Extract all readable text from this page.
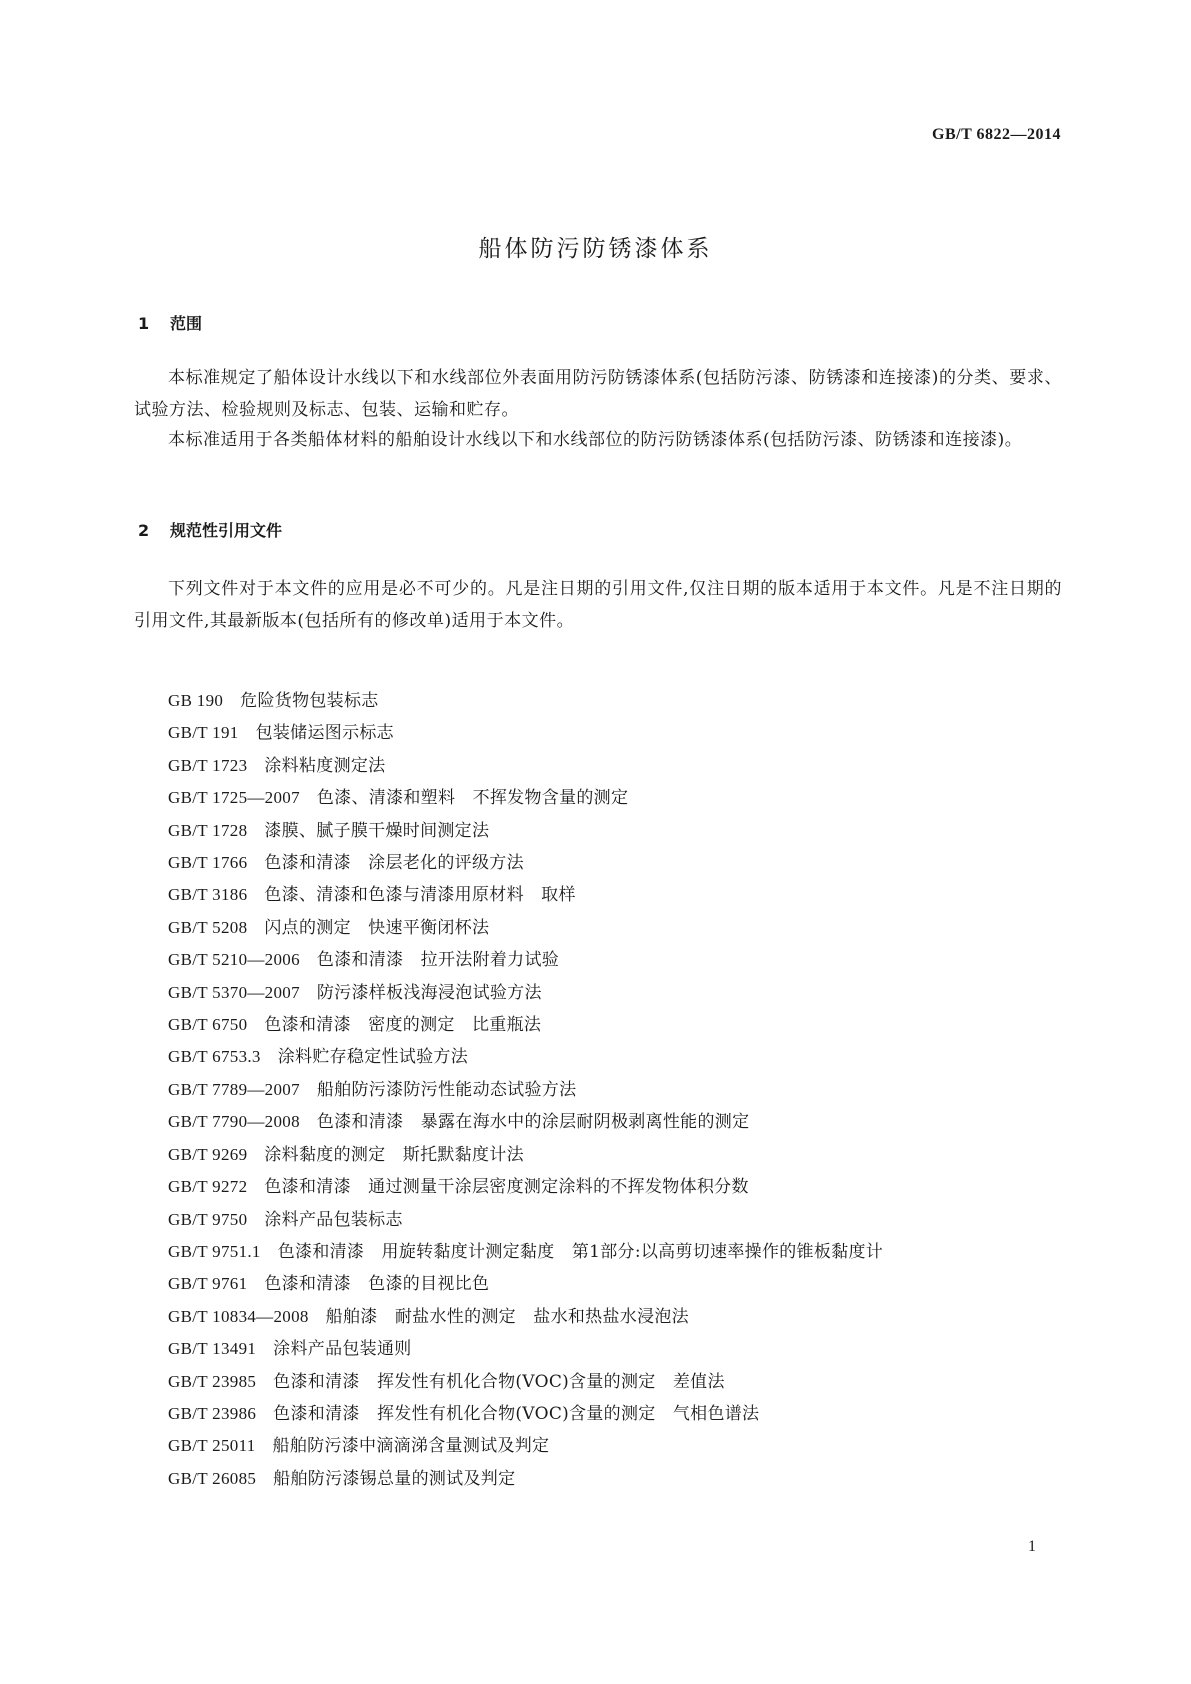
GB/T 6822—2014
船体防污防锈漆体系
1 范围
本标准规定了船体设计水线以下和水线部位外表面用防污防锈漆体系(包括防污漆、防锈漆和连接漆)的分类、要求、试验方法、检验规则及标志、包装、运输和贮存。
本标准适用于各类船体材料的船舶设计水线以下和水线部位的防污防锈漆体系(包括防污漆、防锈漆和连接漆)。
2 规范性引用文件
下列文件对于本文件的应用是必不可少的。凡是注日期的引用文件,仅注日期的版本适用于本文件。凡是不注日期的引用文件,其最新版本(包括所有的修改单)适用于本文件。
GB 190 危险货物包装标志
GB/T 191 包装储运图示标志
GB/T 1723 涂料粘度测定法
GB/T 1725—2007 色漆、清漆和塑料　不挥发物含量的测定
GB/T 1728 漆膜、腻子膜干燥时间测定法
GB/T 1766 色漆和清漆　涂层老化的评级方法
GB/T 3186 色漆、清漆和色漆与清漆用原材料　取样
GB/T 5208 闪点的测定　快速平衡闭杯法
GB/T 5210—2006 色漆和清漆　拉开法附着力试验
GB/T 5370—2007 防污漆样板浅海浸泡试验方法
GB/T 6750 色漆和清漆　密度的测定　比重瓶法
GB/T 6753.3 涂料贮存稳定性试验方法
GB/T 7789—2007 船舶防污漆防污性能动态试验方法
GB/T 7790—2008 色漆和清漆　暴露在海水中的涂层耐阴极剥离性能的测定
GB/T 9269 涂料黏度的测定　斯托默黏度计法
GB/T 9272 色漆和清漆　通过测量干涂层密度测定涂料的不挥发物体积分数
GB/T 9750 涂料产品包装标志
GB/T 9751.1 色漆和清漆　用旋转黏度计测定黏度　第1部分:以高剪切速率操作的锥板黏度计
GB/T 9761 色漆和清漆　色漆的目视比色
GB/T 10834—2008 船舶漆　耐盐水性的测定　盐水和热盐水浸泡法
GB/T 13491 涂料产品包装通则
GB/T 23985 色漆和清漆　挥发性有机化合物(VOC)含量的测定　差值法
GB/T 23986 色漆和清漆　挥发性有机化合物(VOC)含量的测定　气相色谱法
GB/T 25011 船舶防污漆中滴滴涕含量测试及判定
GB/T 26085 船舶防污漆锡总量的测试及判定
1
